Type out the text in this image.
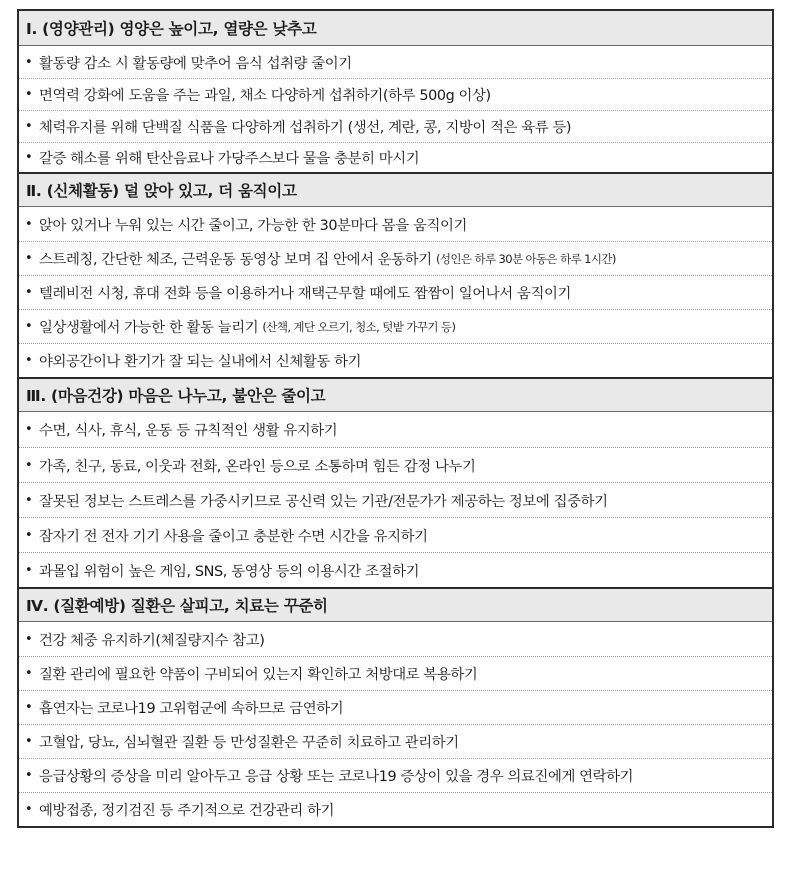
Ⅰ. (영양관리) 영양은 높이고, 열량은 낮추고
• 활동량 감소 시 활동량에 맞추어 음식 섭취량 줄이기
• 면역력 강화에 도움을 주는 과일, 채소 다양하게 섭취하기(하루 500g 이상)
• 체력유지를 위해 단백질 식품을 다양하게 섭취하기 (생선, 계란, 콩, 지방이 적은 육류 등)
• 갈증 해소를 위해 탄산음료나 가당주스보다 물을 충분히 마시기
Ⅱ. (신체활동) 덜 앉아 있고, 더 움직이고
• 앉아 있거나 누워 있는 시간 줄이고, 가능한 한 30분마다 몸을 움직이기
• 스트레칭, 간단한 체조, 근력운동 동영상 보며 집 안에서 운동하기
(성인은 하루 30분 아동은 하루 1시간)
• 텔레비전 시청, 휴대 전화 등을 이용하거나 재택근무할 때에도 짬짬이 일어나서 움직이기
• 일상생활에서 가능한 한 활동 늘리기
(산책, 계단 오르기, 청소, 텃밭 가꾸기 등)
• 야외공간이나 환기가 잘 되는 실내에서 신체활동 하기
Ⅲ. (마음건강) 마음은 나누고, 불안은 줄이고
• 수면, 식사, 휴식, 운동 등 규칙적인 생활 유지하기
• 가족, 친구, 동료, 이웃과 전화, 온라인 등으로 소통하며 힘든 감정 나누기
• 잘못된 정보는 스트레스를 가중시키므로 공신력 있는 기관/전문가가 제공하는 정보에 집중하기
• 잠자기 전 전자 기기 사용을 줄이고 충분한 수면 시간을 유지하기
• 과몰입 위험이 높은 게임, SNS, 동영상 등의 이용시간 조절하기
Ⅳ. (질환예방) 질환은 살피고, 치료는 꾸준히
• 건강 체중 유지하기(체질량지수 참고)
• 질환 관리에 필요한 약품이 구비되어 있는지 확인하고 처방대로 복용하기
• 흡연자는 코로나19 고위험군에 속하므로 금연하기
• 고혈압, 당뇨, 심뇌혈관 질환 등 만성질환은 꾸준히 치료하고 관리하기
• 응급상황의 증상을 미리 알아두고 응급 상황 또는 코로나19 증상이 있을 경우 의료진에게 연락하기
• 예방접종, 정기검진 등 주기적으로 건강관리 하기
